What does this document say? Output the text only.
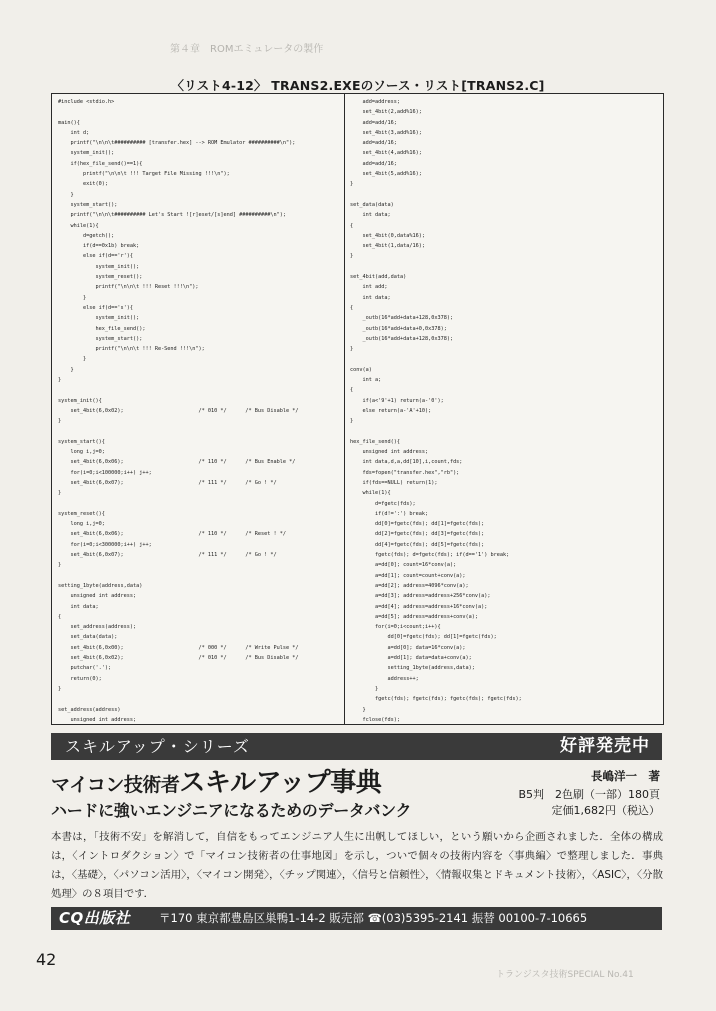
第４章　ROMエミュレータの製作
〈リスト4-12〉 TRANS2.EXEのソース・リスト[TRANS2.C]
#include <stdio.h>
main(){
int d;
printf("\n\n\t########## [transfer.hex] --> ROM Emulator ##########\n");
system_init();
if(hex_file_send()==1){
printf("\n\n\t !!! Target File Missing !!!\n");
exit(0);
}
system_start();
printf("\n\n\t########## Let's Start ![r]eset/[s]end] ##########\n");
while(1){
d=getch();
if(d==0x1b) break;
else if(d=='r'){
system_init();
system_reset();
printf("\n\n\t !!! Reset !!!\n");
}
else if(d=='s'){
system_init();
hex_file_send();
system_start();
printf("\n\n\t !!! Re-Send !!!\n");
}
}
}
system_init(){
set_4bit(6,0x02);                        /* 010 */      /* Bus Disable */
}
system_start(){
long i,j=0;
set_4bit(6,0x06);                        /* 110 */      /* Bus Enable */
for(i=0;i<100000;i++) j++;
set_4bit(6,0x07);                        /* 111 */      /* Go ! */
}
system_reset(){
long i,j=0;
set_4bit(6,0x06);                        /* 110 */      /* Reset ! */
for(i=0;i<300000;i++) j++;
set_4bit(6,0x07);                        /* 111 */      /* Go ! */
}
setting_1byte(address,data)
unsigned int address;
int data;
{
set_address(address);
set_data(data);
set_4bit(6,0x00);                        /* 000 */      /* Write Pulse */
set_4bit(6,0x02);                        /* 010 */      /* Bus Disable */
putchar('.');
return(0);
}
set_address(address)
unsigned int address;
add=address;
set_4bit(2,add%16);
add=add/16;
set_4bit(3,add%16);
add=add/16;
set_4bit(4,add%16);
add=add/16;
set_4bit(5,add%16);
}
set_data(data)
int data;
{
set_4bit(0,data%16);
set_4bit(1,data/16);
}
set_4bit(add,data)
int add;
int data;
{
_outb(16*add+data+128,0x378);
_outb(16*add+data+0,0x378);
_outb(16*add+data+128,0x378);
}
conv(a)
int a;
{
if(a<'9'+1) return(a-'0');
else return(a-'A'+10);
}
hex_file_send(){
unsigned int address;
int data,d,a,dd[10],i,count,fds;
fds=fopen("transfer.hex","rb");
if(fds==NULL) return(1);
while(1){
d=fgetc(fds);
if(d!=':') break;
dd[0]=fgetc(fds); dd[1]=fgetc(fds);
dd[2]=fgetc(fds); dd[3]=fgetc(fds);
dd[4]=fgetc(fds); dd[5]=fgetc(fds);
fgetc(fds); d=fgetc(fds); if(d=='1') break;
a=dd[0]; count=16*conv(a);
a=dd[1]; count=count+conv(a);
a=dd[2]; address=4096*conv(a);
a=dd[3]; address=address+256*conv(a);
a=dd[4]; address=address+16*conv(a);
a=dd[5]; address=address+conv(a);
for(i=0;i<count;i++){
dd[0]=fgetc(fds); dd[1]=fgetc(fds);
a=dd[0]; data=16*conv(a);
a=dd[1]; data=data+conv(a);
setting_1byte(address,data);
address++;
}
fgetc(fds); fgetc(fds); fgetc(fds); fgetc(fds);
}
fclose(fds);
スキルアップ・シリーズ	好評発売中
マイコン技術者スキルアップ事典
ハードに強いエンジニアになるためのデータバンク
長嶋洋一　著
B5判　2色刷（一部）180頁
定価1,682円（税込）
本書は，「技術不安」を解消して，自信をもってエンジニア人生に出帆してほしい，という願いから企画されました．全体の構成は，〈イントロダクション〉で「マイコン技術者の仕事地図」を示し，ついで個々の技術内容を〈事典編〉で整理しました．事典は，〈基礎〉，〈パソコン活用〉，〈マイコン開発〉，〈チップ関連〉，〈信号と信頼性〉，〈情報収集とドキュメント技術〉，〈ASIC〉，〈分散処理〉の８項目です．
CQ出版社 〒170 東京都豊島区巣鴨1-14-2 販売部 ☎(03)5395-2141 振替 00100-7-10665
42
トランジスタ技術SPECIAL No.41
